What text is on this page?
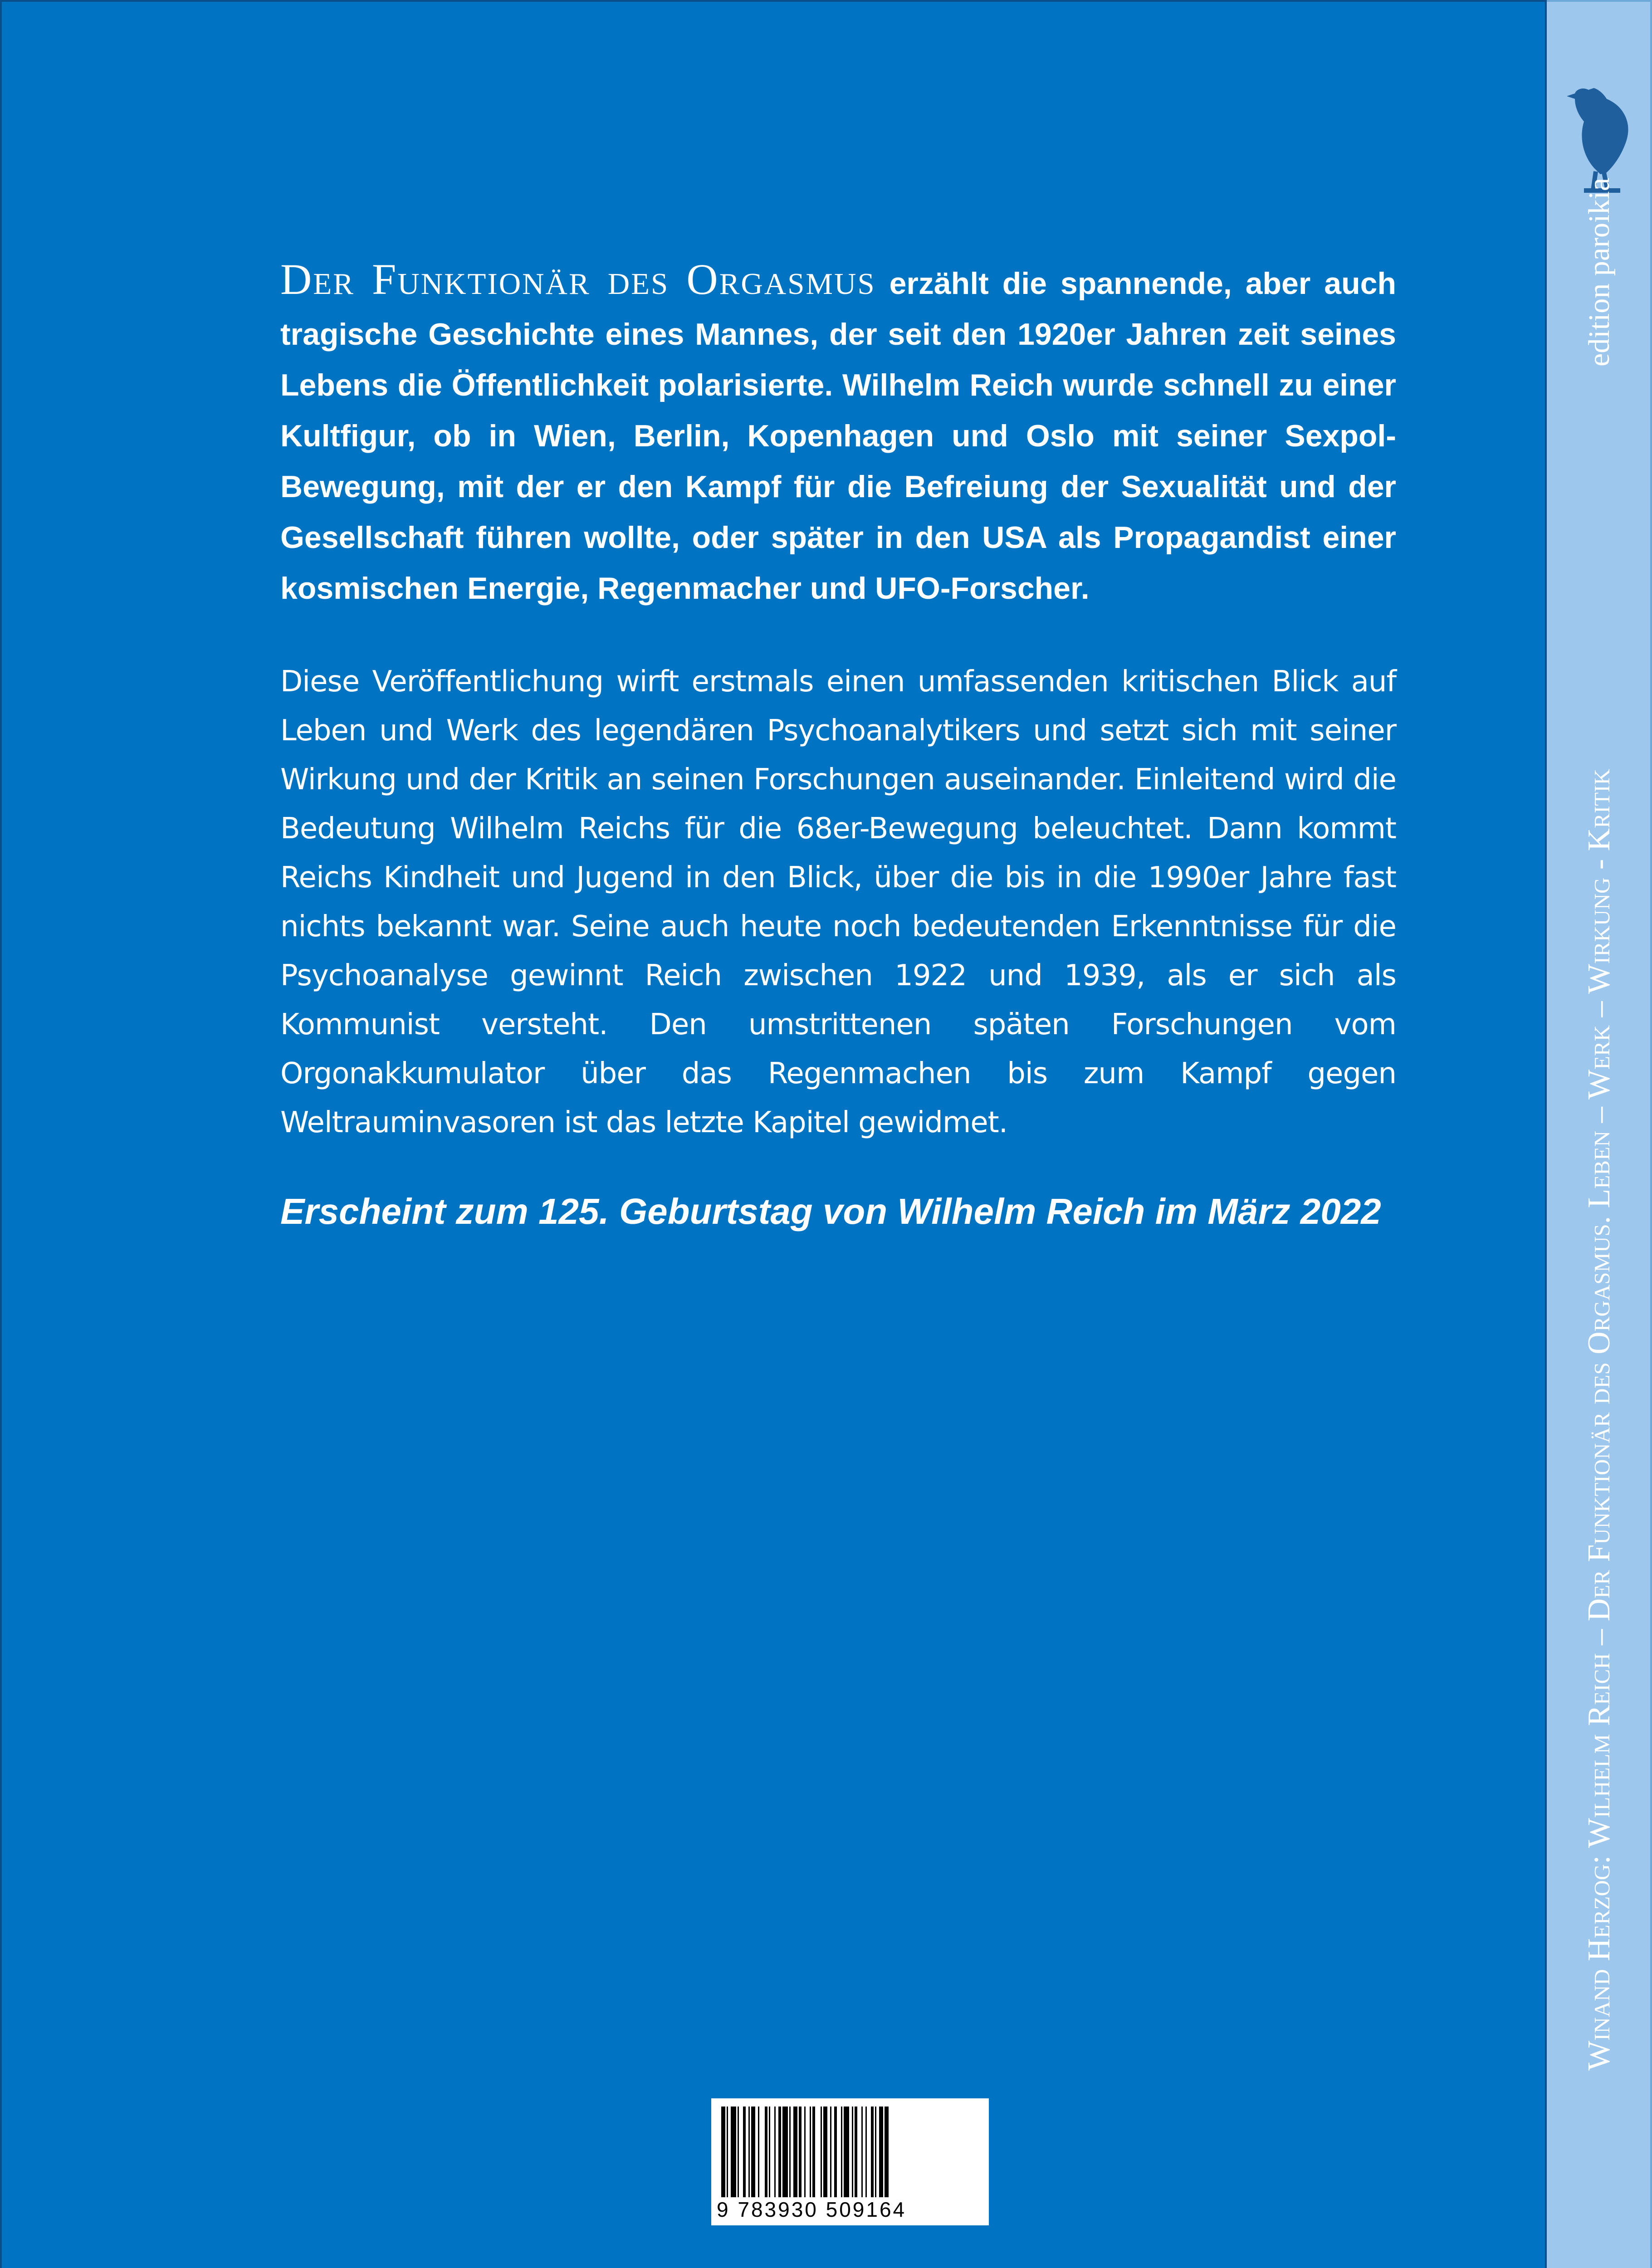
Der Funktionär des Orgasmus erzählt die spannende, aber auch tragische Geschichte eines Mannes, der seit den 1920er Jahren zeit seines Lebens die Öffentlichkeit polarisierte. Wilhelm Reich wurde schnell zu einer Kultfigur, ob in Wien, Berlin, Kopenhagen und Oslo mit seiner Sexpol-Bewegung, mit der er den Kampf für die Befreiung der Sexualität und der Gesellschaft führen wollte, oder später in den USA als Propagandist einer kosmischen Energie, Regenmacher und UFO-Forscher.

Diese Veröffentlichung wirft erstmals einen umfassenden kritischen Blick auf Leben und Werk des legendären Psychoanalytikers und setzt sich mit seiner Wirkung und der Kritik an seinen Forschungen auseinander. Einleitend wird die Bedeutung Wilhelm Reichs für die 68er-Bewegung beleuchtet. Dann kommt Reichs Kindheit und Jugend in den Blick, über die bis in die 1990er Jahre fast nichts bekannt war. Seine auch heute noch bedeutenden Erkenntnisse für die Psychoanalyse gewinnt Reich zwischen 1922 und 1939, als er sich als Kommunist versteht. Den umstrittenen späten Forschungen vom Orgonakkumulator über das Regenmachen bis zum Kampf gegen Weltrauminvasoren ist das letzte Kapitel gewidmet.

Erscheint zum 125. Geburtstag von Wilhelm Reich im März 2022

9 783930 509164
edition paroikia
Winand Herzog: Wilhelm Reich – Der Funktionär des Orgasmus. Leben – Werk – Wirkung - Kritik
